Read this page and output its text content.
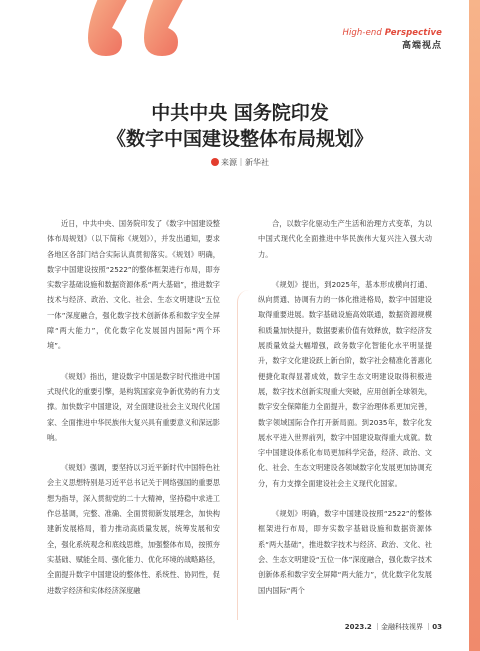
High-end Perspective
高端视点
中共中央 国务院印发
《数字中国建设整体布局规划》
来源｜新华社

近日，中共中央、国务院印发了《数字中国建设整体布局规划》（以下简称《规划》），并发出通知，要求各地区各部门结合实际认真贯彻落实。《规划》明确，数字中国建设按照“2522”的整体框架进行布局，即夯实数字基础设施和数据资源体系“两大基础”，推进数字技术与经济、政治、文化、社会、生态文明建设“五位一体”深度融合，强化数字技术创新体系和数字安全屏障“两大能力”，优化数字化发展国内国际“两个环境”。

《规划》指出，建设数字中国是数字时代推进中国式现代化的重要引擎，是构筑国家竞争新优势的有力支撑。加快数字中国建设，对全面建设社会主义现代化国家、全面推进中华民族伟大复兴具有重要意义和深远影响。

《规划》强调，要坚持以习近平新时代中国特色社会主义思想特别是习近平总书记关于网络强国的重要思想为指导，深入贯彻党的二十大精神，坚持稳中求进工作总基调，完整、准确、全面贯彻新发展理念，加快构建新发展格局，着力推动高质量发展，统筹发展和安全，强化系统观念和底线思维，加强整体布局，按照夯实基础、赋能全局、强化能力、优化环境的战略路径，全面提升数字中国建设的整体性、系统性、协同性，促进数字经济和实体经济深度融

合，以数字化驱动生产生活和治理方式变革，为以中国式现代化全面推进中华民族伟大复兴注入强大动力。

《规划》提出，到2025年，基本形成横向打通、纵向贯通、协调有力的一体化推进格局，数字中国建设取得重要进展。数字基础设施高效联通，数据资源规模和质量加快提升，数据要素价值有效释放，数字经济发展质量效益大幅增强，政务数字化智能化水平明显提升，数字文化建设跃上新台阶，数字社会精准化普惠化便捷化取得显著成效，数字生态文明建设取得积极进展，数字技术创新实现重大突破，应用创新全球领先，数字安全保障能力全面提升，数字治理体系更加完善，数字领域国际合作打开新局面。到2035年，数字化发展水平进入世界前列，数字中国建设取得重大成就。数字中国建设体系化布局更加科学完备，经济、政治、文化、社会、生态文明建设各领域数字化发展更加协调充分，有力支撑全面建设社会主义现代化国家。

《规划》明确，数字中国建设按照“2522”的整体框架进行布局，即夯实数字基础设施和数据资源体系“两大基础”，推进数字技术与经济、政治、文化、社会、生态文明建设“五位一体”深度融合，强化数字技术创新体系和数字安全屏障“两大能力”，优化数字化发展国内国际“两个

2023.2 ｜金融科技视界 ｜03
